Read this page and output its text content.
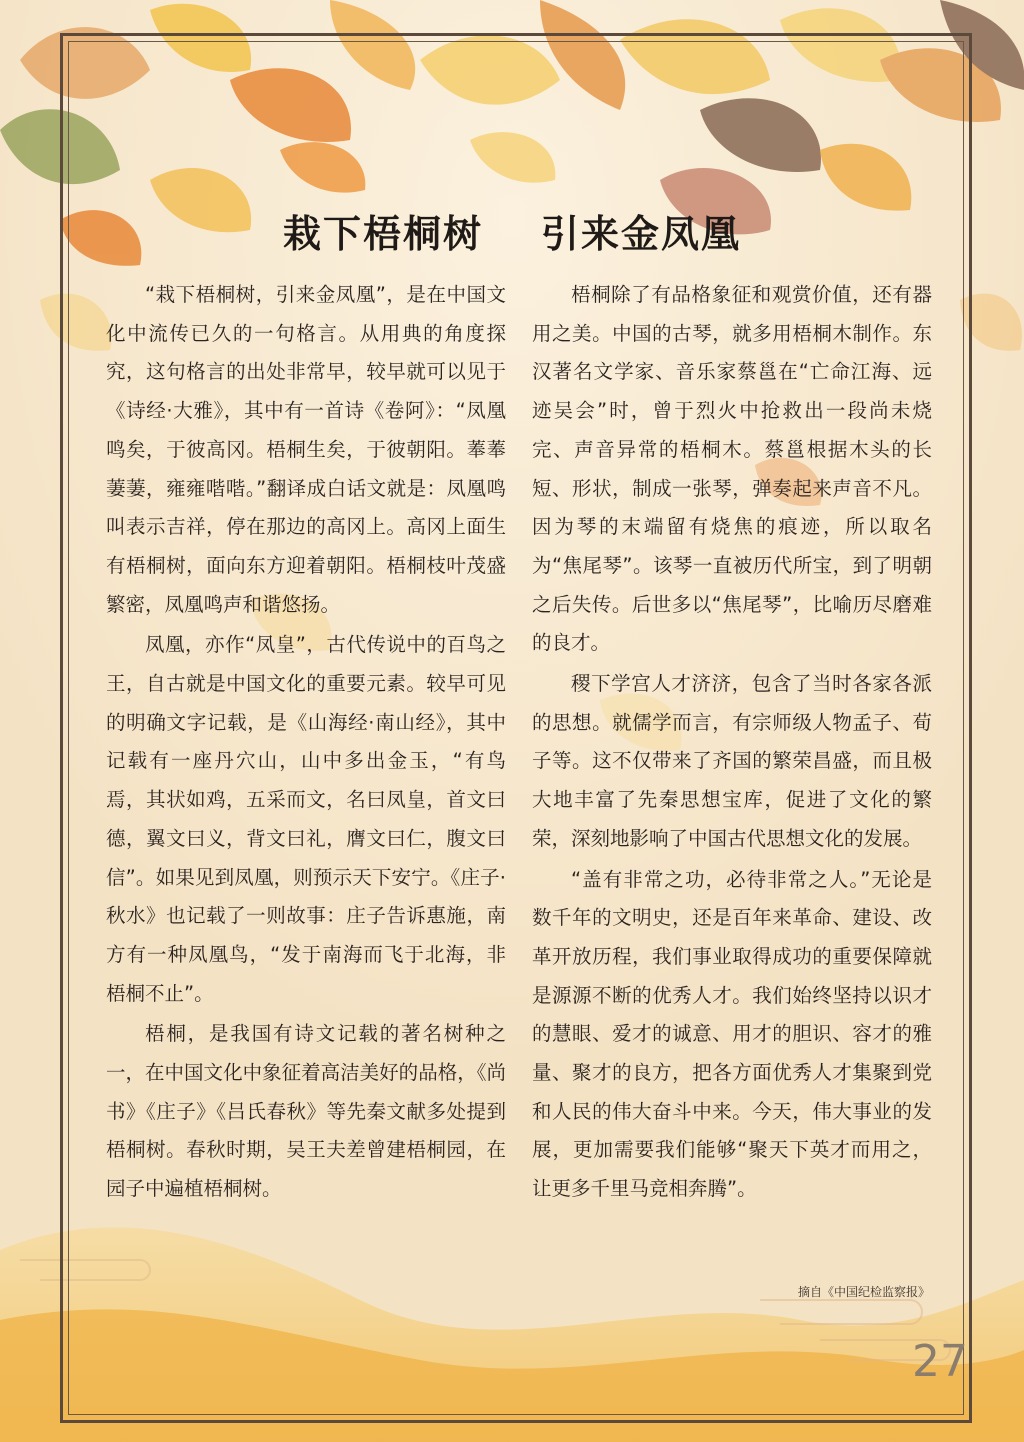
栽下梧桐树 引来金凤凰

“栽下梧桐树，引来金凤凰”，是在中国文化中流传已久的一句格言。从用典的角度探究，这句格言的出处非常早，较早就可以见于《诗经·大雅》，其中有一首诗《卷阿》：“凤凰鸣矣，于彼高冈。梧桐生矣，于彼朝阳。菶菶萋萋，雍雍喈喈。”翻译成白话文就是：凤凰鸣叫表示吉祥，停在那边的高冈上。高冈上面生有梧桐树，面向东方迎着朝阳。梧桐枝叶茂盛繁密，凤凰鸣声和谐悠扬。

凤凰，亦作“凤皇”，古代传说中的百鸟之王，自古就是中国文化的重要元素。较早可见的明确文字记载，是《山海经·南山经》，其中记载有一座丹穴山，山中多出金玉，“有鸟焉，其状如鸡，五采而文，名曰凤皇，首文曰德，翼文曰义，背文曰礼，膺文曰仁，腹文曰信”。如果见到凤凰，则预示天下安宁。《庄子·秋水》也记载了一则故事：庄子告诉惠施，南方有一种凤凰鸟，“发于南海而飞于北海，非梧桐不止”。

梧桐，是我国有诗文记载的著名树种之一，在中国文化中象征着高洁美好的品格，《尚书》《庄子》《吕氏春秋》等先秦文献多处提到梧桐树。春秋时期，吴王夫差曾建梧桐园，在园子中遍植梧桐树。

梧桐除了有品格象征和观赏价值，还有器用之美。中国的古琴，就多用梧桐木制作。东汉著名文学家、音乐家蔡邕在“亡命江海、远迹吴会”时，曾于烈火中抢救出一段尚未烧完、声音异常的梧桐木。蔡邕根据木头的长短、形状，制成一张琴，弹奏起来声音不凡。因为琴的末端留有烧焦的痕迹，所以取名为“焦尾琴”。该琴一直被历代所宝，到了明朝之后失传。后世多以“焦尾琴”，比喻历尽磨难的良才。

稷下学宫人才济济，包含了当时各家各派的思想。就儒学而言，有宗师级人物孟子、荀子等。这不仅带来了齐国的繁荣昌盛，而且极大地丰富了先秦思想宝库，促进了文化的繁荣，深刻地影响了中国古代思想文化的发展。

“盖有非常之功，必待非常之人。”无论是数千年的文明史，还是百年来革命、建设、改革开放历程，我们事业取得成功的重要保障就是源源不断的优秀人才。我们始终坚持以识才的慧眼、爱才的诚意、用才的胆识、容才的雅量、聚才的良方，把各方面优秀人才集聚到党和人民的伟大奋斗中来。今天，伟大事业的发展，更加需要我们能够“聚天下英才而用之，让更多千里马竞相奔腾”。

摘自《中国纪检监察报》
27
